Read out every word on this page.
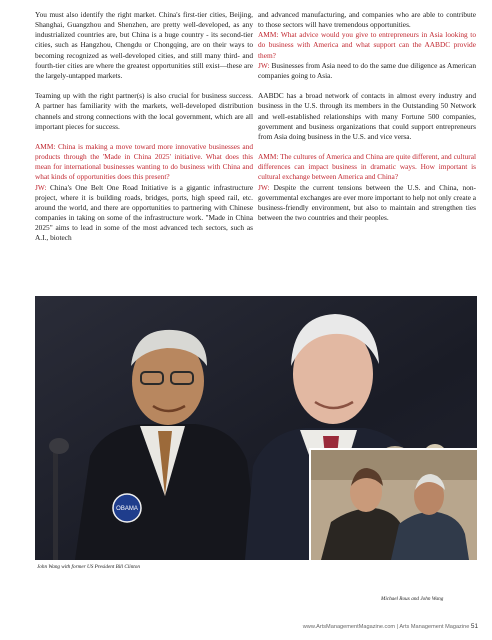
You must also identify the right market. China's first-tier cities, Beijing, Shanghai, Guangzhou and Shenzhen, are pretty well-developed, as any industrialized countries are, but China is a huge country - its second-tier cities, such as Hangzhou, Chengdu or Chongqing, are on their ways to becoming recognized as well-developed cities, and still many third- and fourth-tier cities are where the greatest opportunities still exist—these are the largely-untapped markets.

Teaming up with the right partner(s) is also crucial for business success. A partner has familiarity with the markets, well-developed distribution channels and strong connections with the local government, which are all important pieces for success.

AMM: China is making a move toward more innovative businesses and products through the 'Made in China 2025' initiative. What does this mean for international businesses wanting to do business with China and what kinds of opportunities does this present?
JW: China's One Belt One Road Initiative is a gigantic infrastructure project, where it is building roads, bridges, ports, high speed rail, etc. around the world, and there are opportunities to partnering with Chinese companies in taking on some of the infrastructure work. "Made in China 2025" aims to lead in some of the most advanced tech sectors, such as A.I., biotech

and advanced manufacturing, and companies who are able to contribute to those sectors will have tremendous opportunities.
AMM: What advice would you give to entrepreneurs in Asia looking to do business with America and what support can the AABDC provide them?
JW: Businesses from Asia need to do the same due diligence as American companies going to Asia.

AABDC has a broad network of contacts in almost every industry and business in the U.S. through its members in the Outstanding 50 Network and well-established relationships with many Fortune 500 companies, government and business organizations that could support entrepreneurs from Asia doing business in the U.S. and vice versa.

AMM: The cultures of America and China are quite different, and cultural differences can impact business in dramatic ways. How important is cultural exchange between America and China?
JW: Despite the current tensions between the U.S. and China, non-governmental exchanges are ever more important to help not only create a business-friendly environment, but also to maintain and strengthen ties between the two countries and their peoples.

OBAMA
John Wang with former US President Bill Clinton
Michael Roux and John Wang
www.ArtsManagementMagazine.com | Arts Management Magazine 51
